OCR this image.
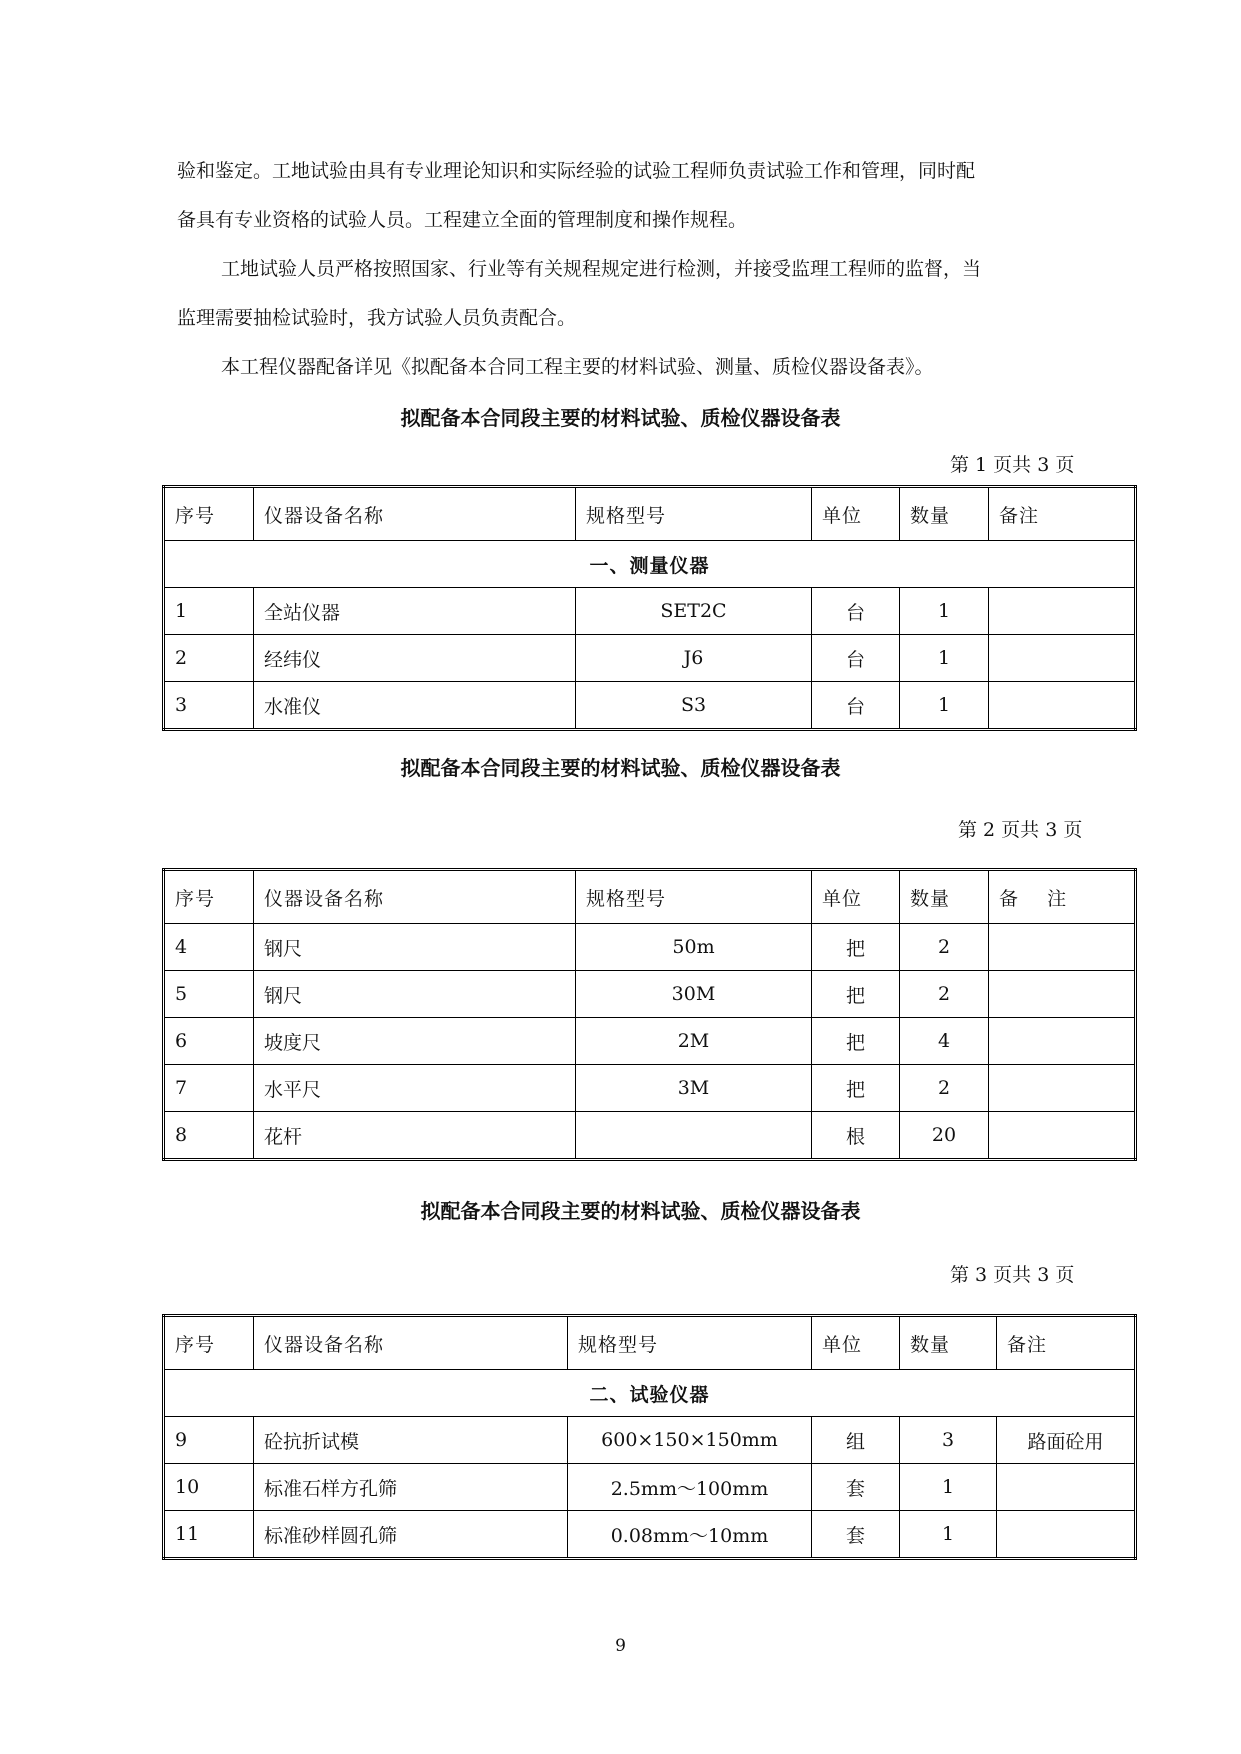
验和鉴定。工地试验由具有专业理论知识和实际经验的试验工程师负责试验工作和管理，同时配

备具有专业资格的试验人员。工程建立全面的管理制度和操作规程。

工地试验人员严格按照国家、行业等有关规程规定进行检测，并接受监理工程师的监督，当

监理需要抽检试验时，我方试验人员负责配合。

本工程仪器配备详见《拟配备本合同工程主要的材料试验、测量、质检仪器设备表》。

拟配备本合同段主要的材料试验、质检仪器设备表
第 1 页共 3 页
序号	仪器设备名称	规格型号	单位	数量	备注
一、测量仪器					
1	全站仪器	SET2C	台	1	
2	经纬仪	J6	台	1	
3	水准仪	S3	台	1	
拟配备本合同段主要的材料试验、质检仪器设备表
第 2 页共 3 页
序号	仪器设备名称	规格型号	单位	数量	备    注
4	钢尺	50m	把	2	
5	钢尺	30M	把	2	
6	坡度尺	2M	把	4	
7	水平尺	3M	把	2	
8	花杆		根	20	
拟配备本合同段主要的材料试验、质检仪器设备表
第 3 页共 3 页
序号	仪器设备名称	规格型号	单位	数量	备注
二、试验仪器					
9	砼抗折试模	600×150×150mm	组	3	路面砼用
10	标准石样方孔筛	2.5mm～100mm	套	1	
11	标准砂样圆孔筛	0.08mm～10mm	套	1	
9
